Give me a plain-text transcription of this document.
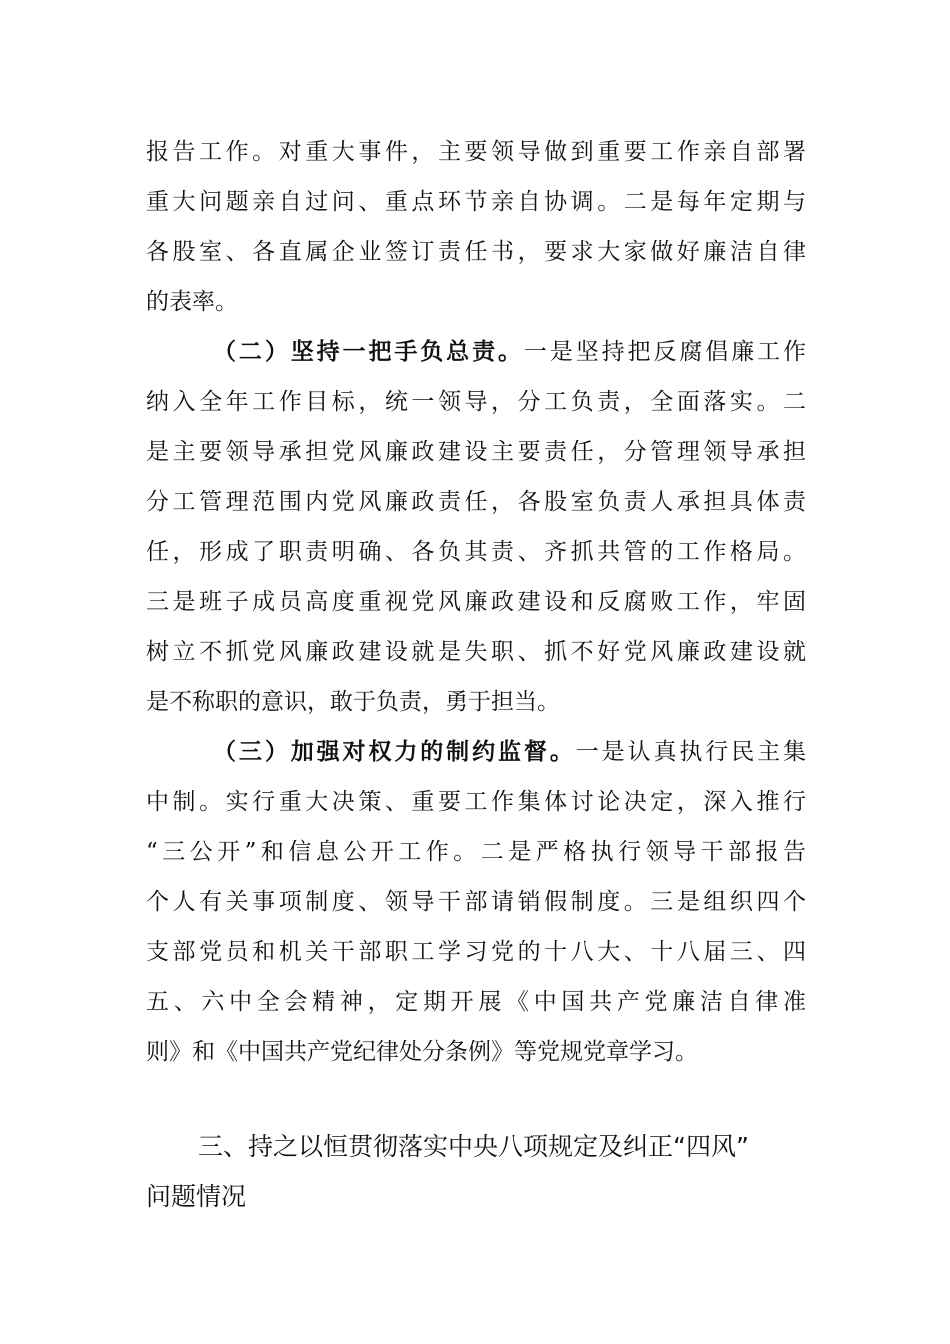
报告工作。对重大事件，主要领导做到重要工作亲自部署
重大问题亲自过问、重点环节亲自协调。二是每年定期与
各股室、各直属企业签订责任书，要求大家做好廉洁自律
的表率。
（二）坚持一把手负总责。一是坚持把反腐倡廉工作
纳入全年工作目标，统一领导，分工负责，全面落实。二
是主要领导承担党风廉政建设主要责任，分管理领导承担
分工管理范围内党风廉政责任，各股室负责人承担具体责
任，形成了职责明确、各负其责、齐抓共管的工作格局。
三是班子成员高度重视党风廉政建设和反腐败工作，牢固
树立不抓党风廉政建设就是失职、抓不好党风廉政建设就
是不称职的意识，敢于负责，勇于担当。
（三）加强对权力的制约监督。一是认真执行民主集
中制。实行重大决策、重要工作集体讨论决定，深入推行
“三公开”和信息公开工作。二是严格执行领导干部报告
个人有关事项制度、领导干部请销假制度。三是组织四个
支部党员和机关干部职工学习党的十八大、十八届三、四
五、六中全会精神，定期开展《中国共产党廉洁自律准
则》和《中国共产党纪律处分条例》等党规党章学习。
三、持之以恒贯彻落实中央八项规定及纠正“四风”
问题情况
